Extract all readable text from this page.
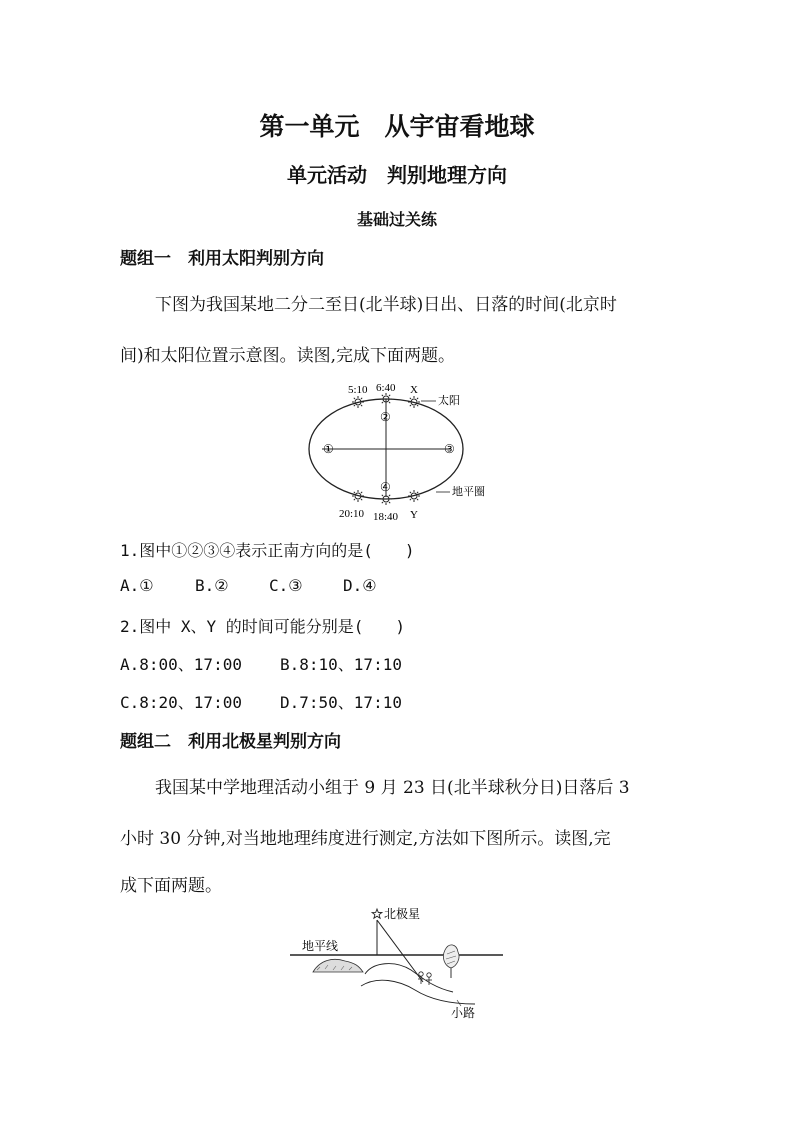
第一单元　从宇宙看地球
单元活动　判别地理方向
基础过关练
题组一　利用太阳判别方向
下图为我国某地二分二至日(北半球)日出、日落的时间(北京时
间)和太阳位置示意图。读图,完成下面两题。
5:10 6:40 X
太阳
①
②
③
④	地平圈
20:10 18:40 Y
1.图中①②③④表示正南方向的是(　　)
A.①	B.②	C.③	D.④
2.图中 X、Y 的时间可能分别是(　　)
A.8:00、17:00 B.8:10、17:10
C.8:20、17:00 D.7:50、17:10
题组二　利用北极星判别方向
我国某中学地理活动小组于 9 月 23 日(北半球秋分日)日落后 3
小时 30 分钟,对当地地理纬度进行测定,方法如下图所示。读图,完
成下面两题。
北极星
地平线
小路
